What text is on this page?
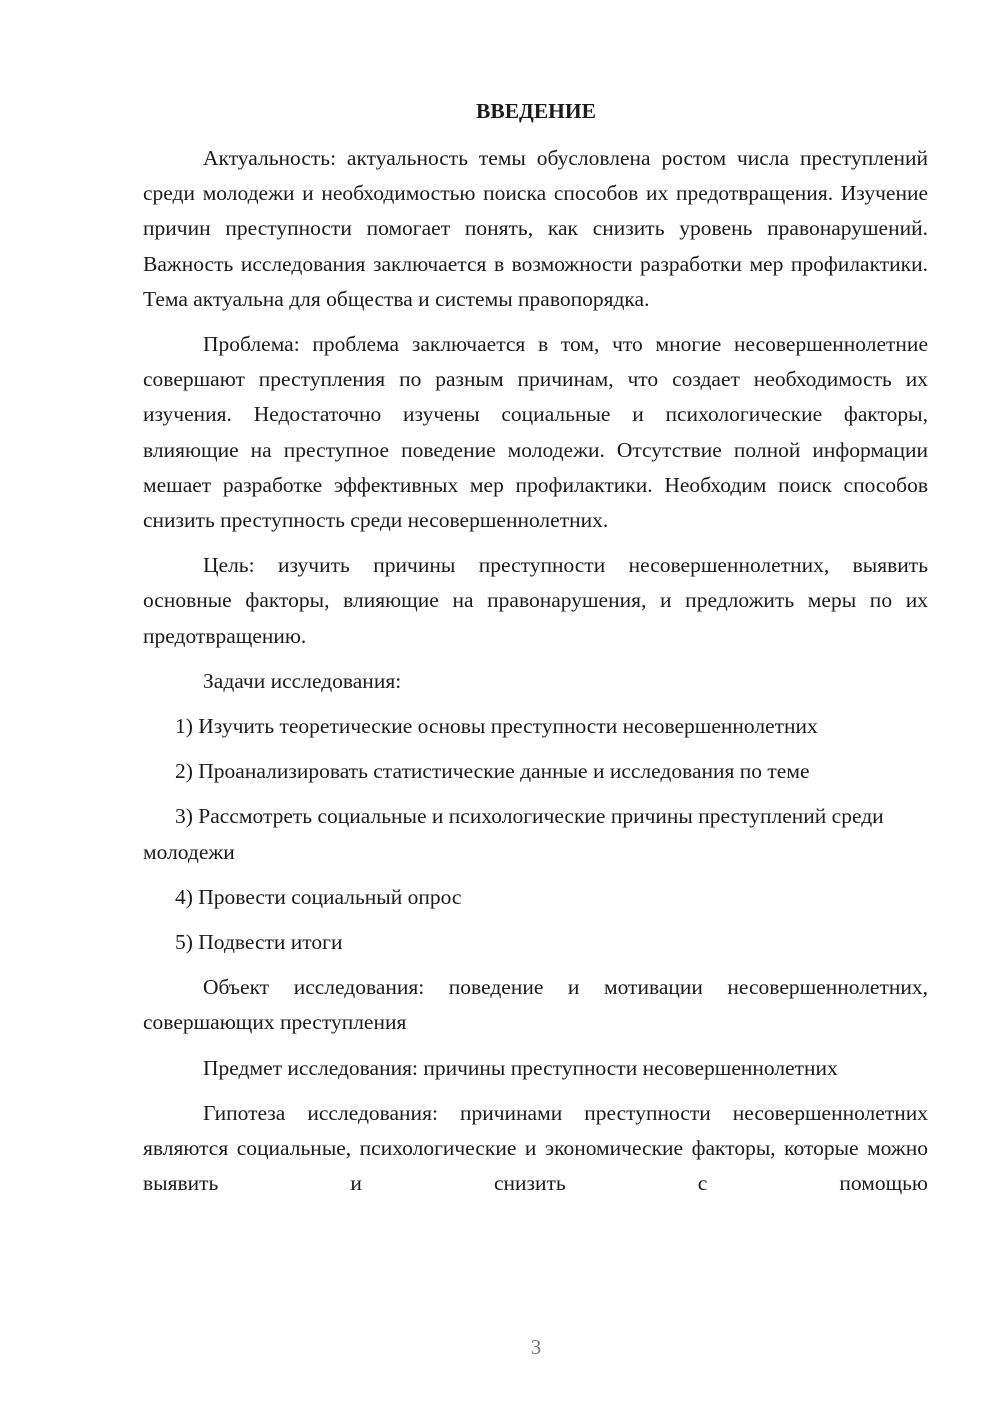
ВВЕДЕНИЕ

Актуальность: актуальность темы обусловлена ростом числа преступлений среди молодежи и необходимостью поиска способов их предотвращения. Изучение причин преступности помогает понять, как снизить уровень правонарушений. Важность исследования заключается в возможности разработки мер профилактики. Тема актуальна для общества и системы правопорядка.

Проблема: проблема заключается в том, что многие несовершеннолетние совершают преступления по разным причинам, что создает необходимость их изучения. Недостаточно изучены социальные и психологические факторы, влияющие на преступное поведение молодежи. Отсутствие полной информации мешает разработке эффективных мер профилактики. Необходим поиск способов снизить преступность среди несовершеннолетних.

Цель: изучить причины преступности несовершеннолетних, выявить основные факторы, влияющие на правонарушения, и предложить меры по их предотвращению.

Задачи исследования:

1) Изучить теоретические основы преступности несовершеннолетних

2) Проанализировать статистические данные и исследования по теме

3) Рассмотреть социальные и психологические причины преступлений среди молодежи

4) Провести социальный опрос

5) Подвести итоги

Объект исследования: поведение и мотивации несовершеннолетних, совершающих преступления

Предмет исследования: причины преступности несовершеннолетних

Гипотеза исследования: причинами преступности несовершеннолетних являются социальные, психологические и экономические факторы, которые можно выявить и снизить с помощью

3
